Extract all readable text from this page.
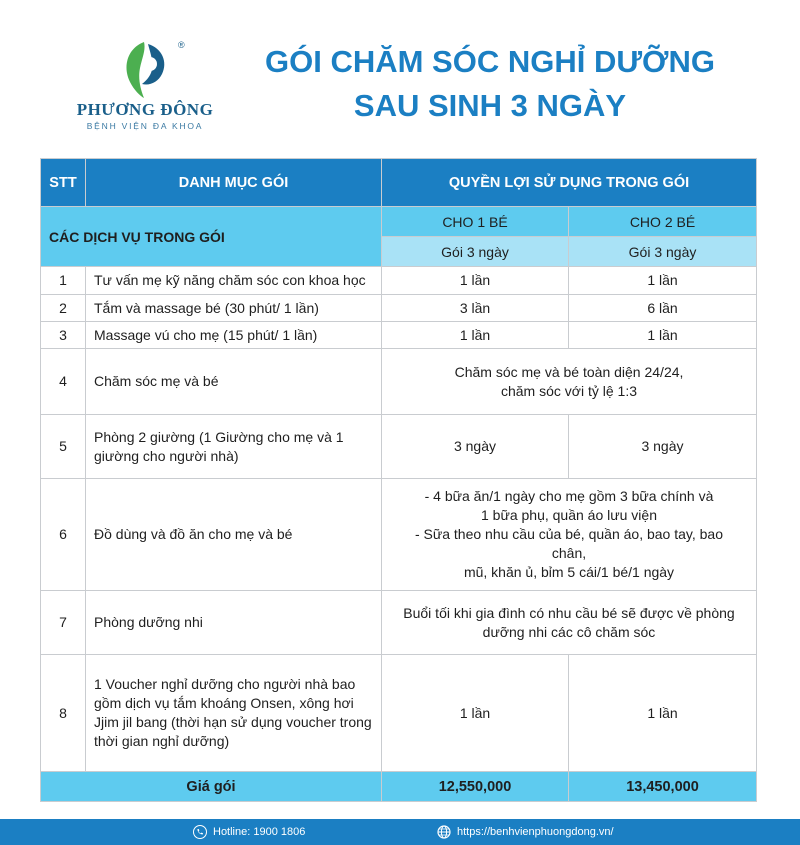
®
PHƯƠNG ĐÔNG
BỆNH VIỆN ĐA KHOA
GÓI CHĂM SÓC NGHỈ DƯỠNG
SAU SINH 3 NGÀY
STT	DANH MỤC GÓI	QUYỀN LỢI SỬ DỤNG TRONG GÓI	
CÁC DỊCH VỤ TRONG GÓI		CHO 1 BÉ	CHO 2 BÉ
		Gói 3 ngày	Gói 3 ngày
1	Tư vấn mẹ kỹ năng chăm sóc con khoa học	1 lần	1 lần
2	Tắm và massage bé (30 phút/ 1 lần)	3 lần	6 lần
3	Massage vú cho mẹ (15 phút/ 1 lần)	1 lần	1 lần
4	Chăm sóc mẹ và bé	Chăm sóc mẹ và bé toàn diện 24/24,
chăm sóc với tỷ lệ 1:3	

5	Phòng 2 giường (1 Giường cho mẹ và 1 giường cho người nhà)	3 ngày	3 ngày
6	Đồ dùng và đồ ăn cho mẹ và bé	- 4 bữa ăn/1 ngày cho mẹ gồm 3 bữa chính và
1 bữa phụ, quần áo lưu viện
- Sữa theo nhu cầu của bé, quần áo, bao tay, bao chân,
mũ, khăn ủ, bỉm 5 cái/1 bé/1 ngày	

7	Phòng dưỡng nhi	Buổi tối khi gia đình có nhu cầu bé sẽ được về phòng
dưỡng nhi các cô chăm sóc	

8	1 Voucher nghỉ dưỡng cho người nhà bao gồm dịch vụ tắm khoáng Onsen, xông hơi Jjim jil bang (thời hạn sử dụng voucher trong thời gian nghỉ dưỡng)	1 lần	1 lần
Giá gói		12,550,000	13,450,000
Hotline: 1900 1806	https://benhvienphuongdong.vn/
